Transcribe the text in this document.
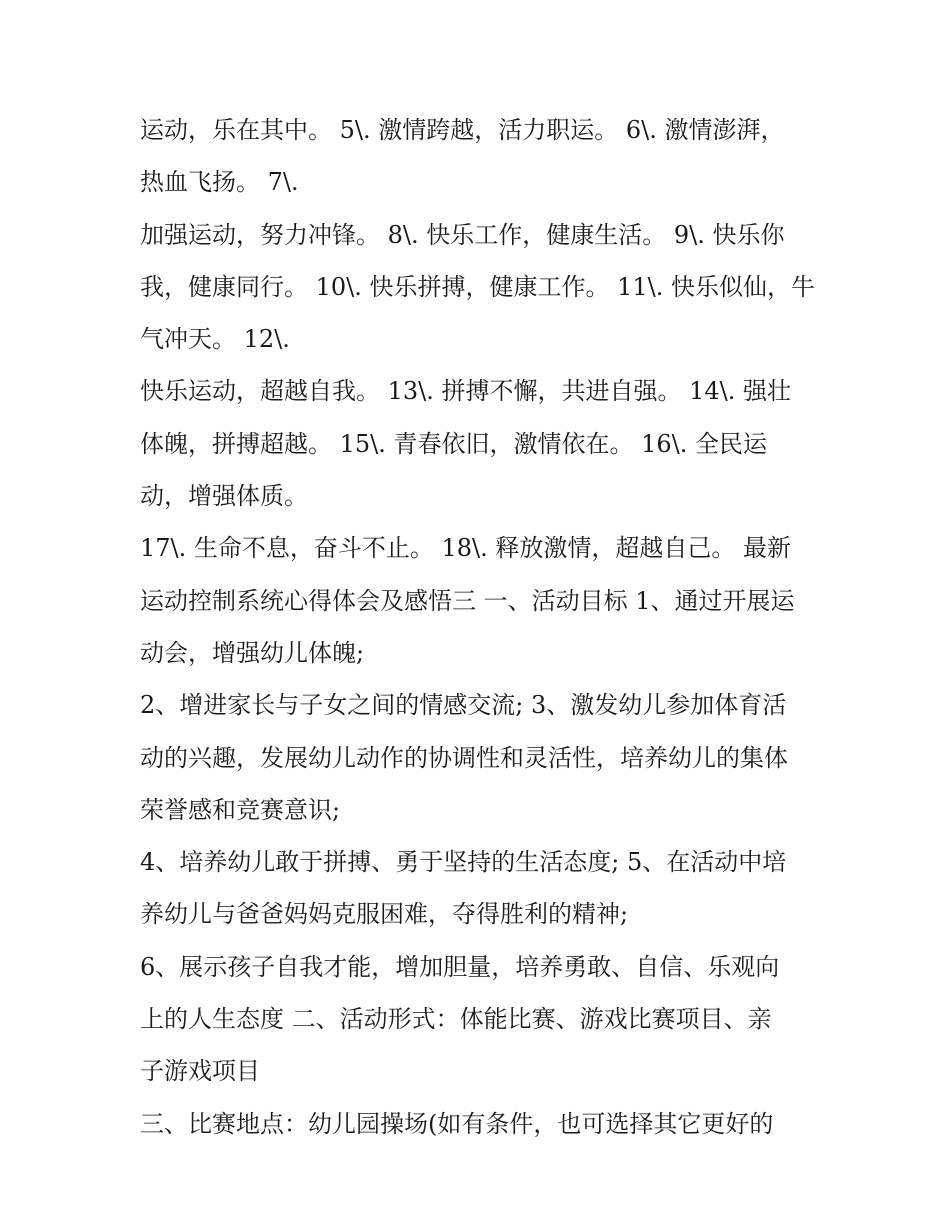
运动，乐在其中。 5\. 激情跨越，活力职运。 6\. 激情澎湃，
热血飞扬。 7\.
加强运动，努力冲锋。 8\. 快乐工作，健康生活。 9\. 快乐你
我，健康同行。 10\. 快乐拼搏，健康工作。 11\. 快乐似仙，牛
气冲天。 12\.
快乐运动，超越自我。 13\. 拼搏不懈，共进自强。 14\. 强壮
体魄，拼搏超越。 15\. 青春依旧，激情依在。 16\. 全民运
动，增强体质。
17\. 生命不息，奋斗不止。 18\. 释放激情，超越自己。 最新
运动控制系统心得体会及感悟三 一、活动目标 1、通过开展运
动会，增强幼儿体魄;
2、增进家长与子女之间的情感交流; 3、激发幼儿参加体育活
动的兴趣，发展幼儿动作的协调性和灵活性，培养幼儿的集体
荣誉感和竞赛意识;
4、培养幼儿敢于拼搏、勇于坚持的生活态度; 5、在活动中培
养幼儿与爸爸妈妈克服困难，夺得胜利的精神;
6、展示孩子自我才能，增加胆量，培养勇敢、自信、乐观向
上的人生态度 二、活动形式：体能比赛、游戏比赛项目、亲
子游戏项目
三、比赛地点：幼儿园操场(如有条件，也可选择其它更好的
